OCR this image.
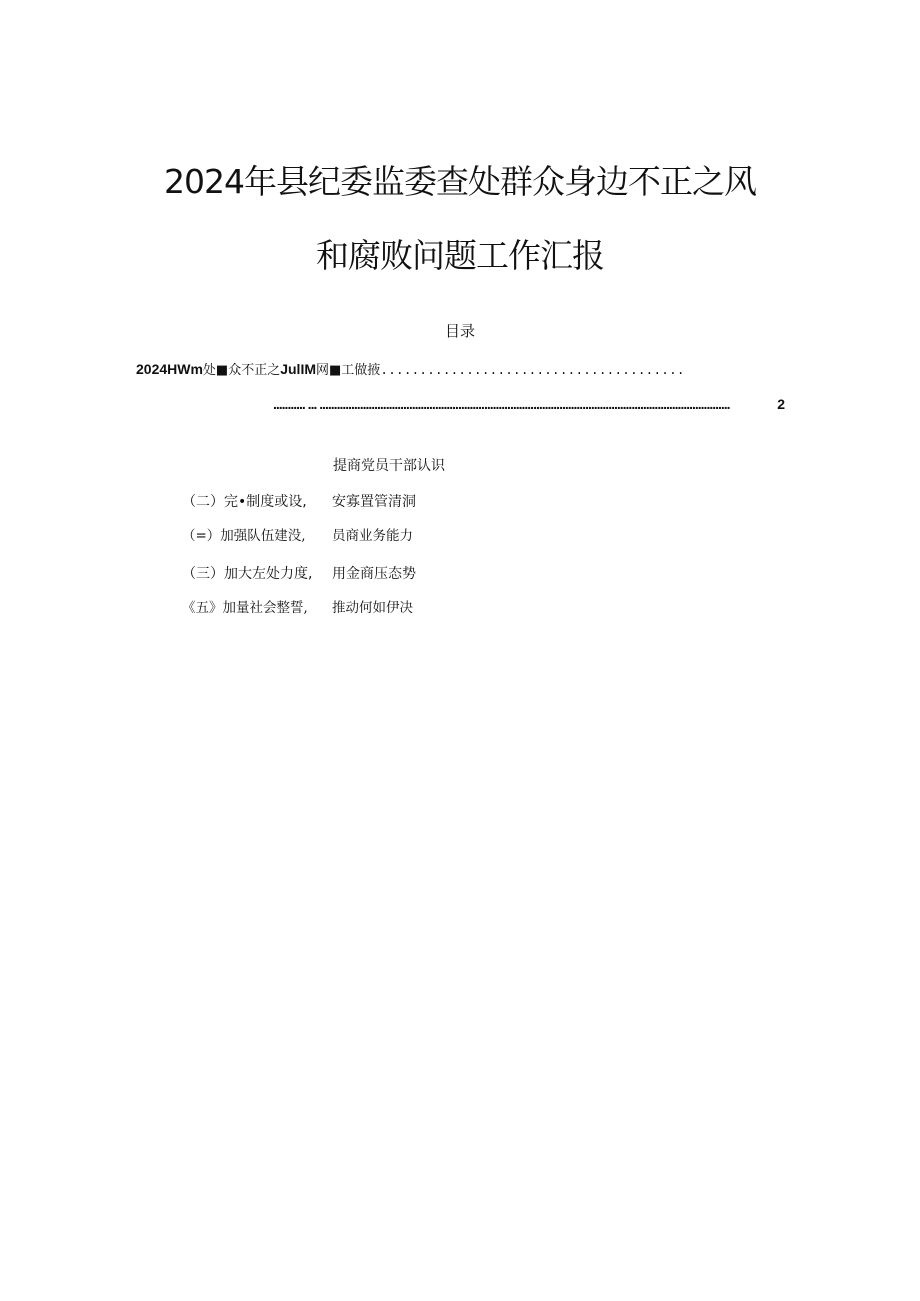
2024年县纪委监委查处群众身边不正之风
和腐败问题工作汇报
目录
2024HWm处■众不正之JulIM网■工做掖.......................................
........... ... ..............................................................................................................................................	2
提商党员干部认识
（二）完•制度或设, 安寡置管清洞
（=）加强队伍建没, 员商业务能力
（三）加大左处力度, 用金商压态势
《五》加量社会整誓, 推动何如伊决
